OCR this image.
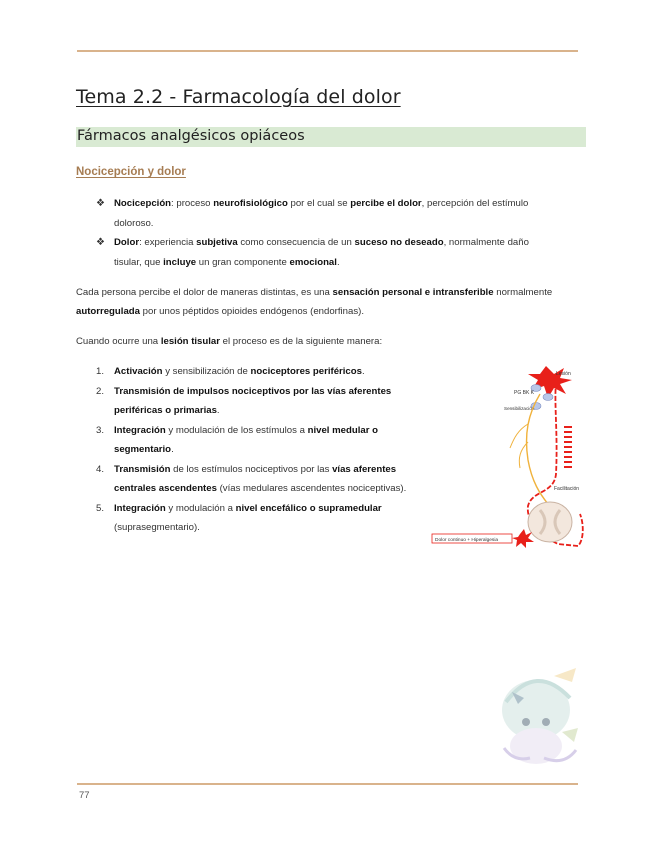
Tema 2.2 - Farmacología del dolor
Fármacos analgésicos opiáceos
Nocicepción y dolor
❖ Nocicepción: proceso neurofisiológico por el cual se percibe el dolor, percepción del estímulo doloroso.
❖ Dolor: experiencia subjetiva como consecuencia de un suceso no deseado, normalmente daño tisular, que incluye un gran componente emocional.

Cada persona percibe el dolor de maneras distintas, es una sensación personal e intransferible normalmente autorregulada por unos péptidos opioides endógenos (endorfinas).

Cuando ocurre una lesión tisular el proceso es de la siguiente manera:

1. Activación y sensibilización de nociceptores periféricos.
2. Transmisión de impulsos nociceptivos por las vías aferentes periféricas o primarias.
3. Integración y modulación de los estímulos a nivel medular o segmentario.
4. Transmisión de los estímulos nociceptivos por las vías aferentes centrales ascendentes (vías medulares ascendentes nociceptivas).
5. Integración y modulación a nivel encefálico o supramedular (suprasegmentario).
Lesión
PG BK K
Sensibilización
Facilitación
Dolor continuo + Hiperalgesia
77
